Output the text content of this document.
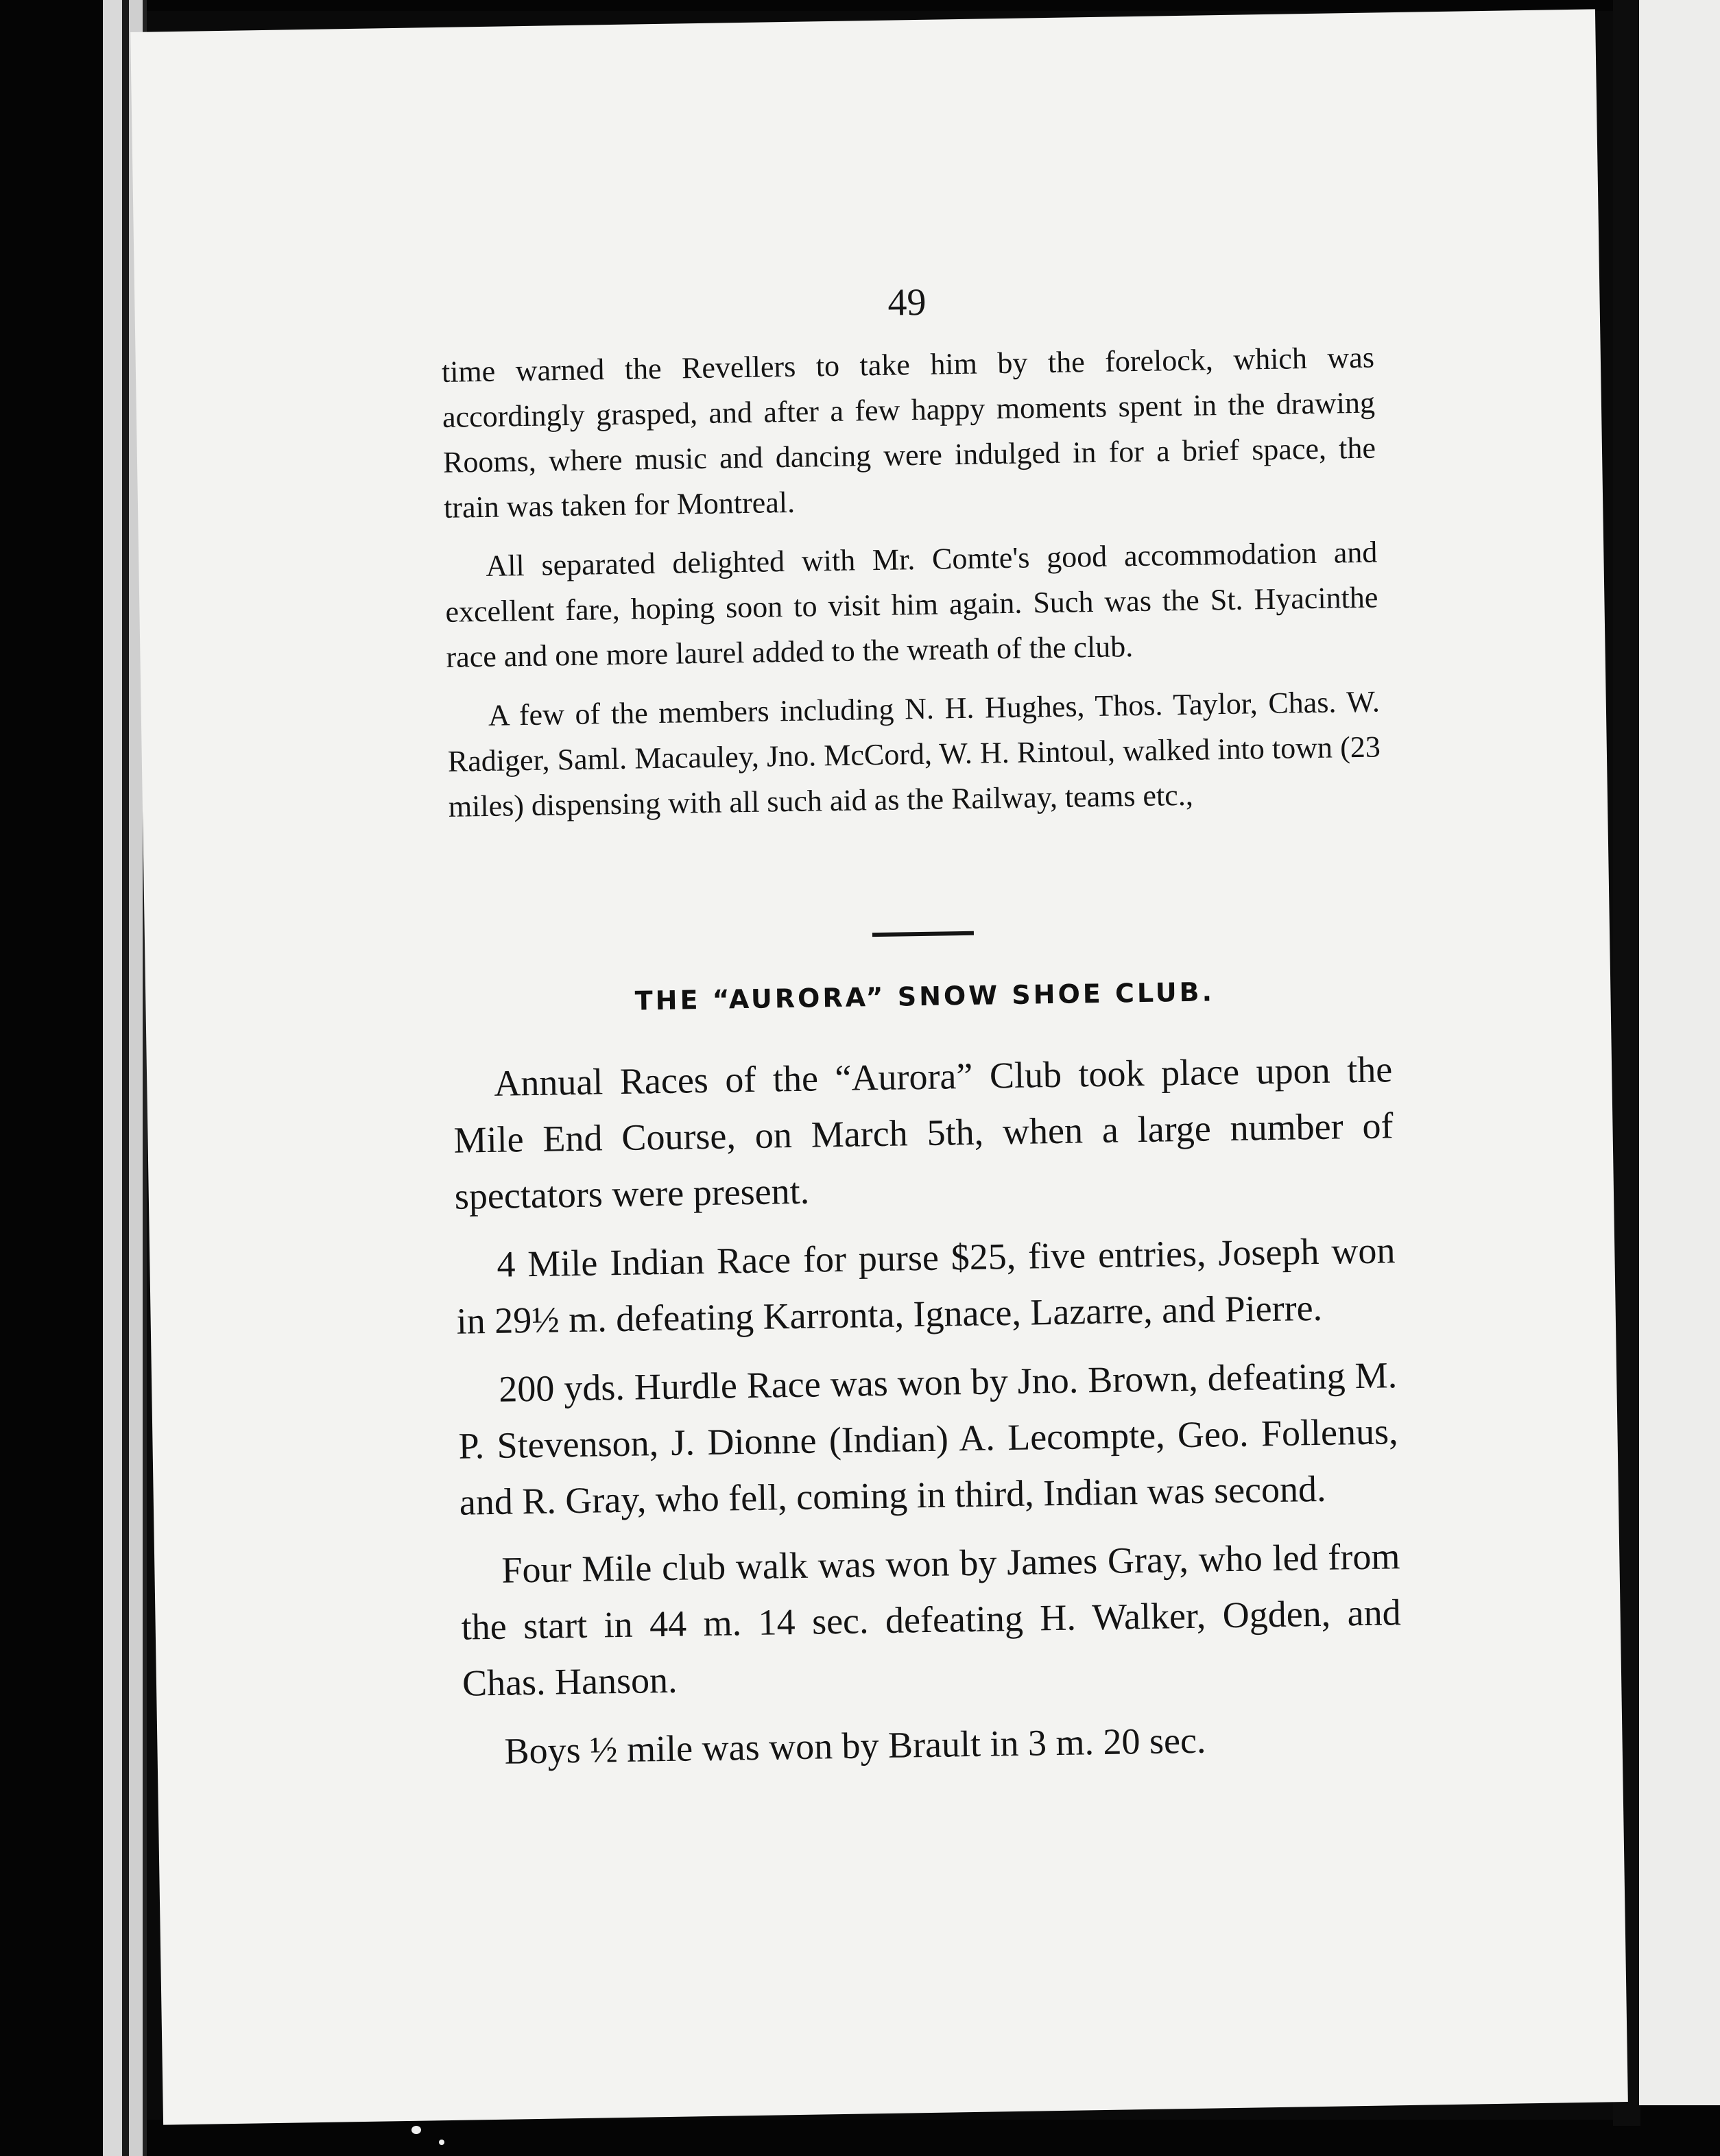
49

time warned the Revellers to take him by the forelock, which was accordingly grasped, and after a few happy moments spent in the drawing Rooms, where music and dancing were indulged in for a brief space, the train was taken for Montreal.

All separated delighted with Mr. Comte's good accommodation and excellent fare, hoping soon to visit him again. Such was the St. Hyacinthe race and one more laurel added to the wreath of the club.

A few of the members including N. H. Hughes, Thos. Taylor, Chas. W. Radiger, Saml. Macauley, Jno. McCord, W. H. Rintoul, walked into town (23 miles) dispensing with all such aid as the Railway, teams etc.,

THE “AURORA” SNOW SHOE CLUB.

Annual Races of the “Aurora” Club took place upon the Mile End Course, on March 5th, when a large number of spectators were present.

4 Mile Indian Race for purse $25, five entries, Joseph won in 29½ m. defeating Karronta, Ignace, Lazarre, and Pierre.

200 yds. Hurdle Race was won by Jno. Brown, defeating M. P. Stevenson, J. Dionne (Indian) A. Lecompte, Geo. Follenus, and R. Gray, who fell, coming in third, Indian was second.

Four Mile club walk was won by James Gray, who led from the start in 44 m. 14 sec. defeating H. Walker, Ogden, and Chas. Hanson.

Boys ½ mile was won by Brault in 3 m. 20 sec.
